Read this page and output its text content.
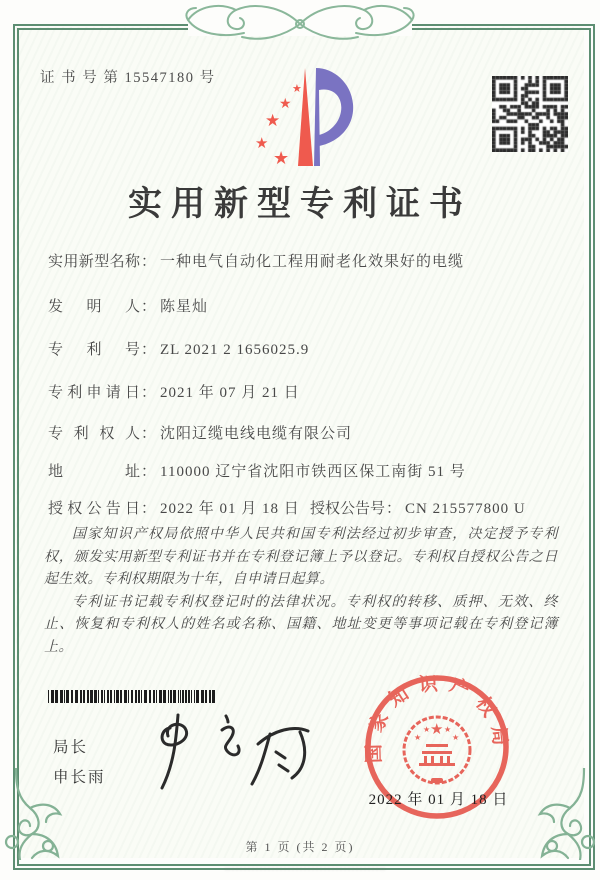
证 书 号 第 15547180 号
★
★
★
★
★
实用新型专利证书
实用新型名称： 一种电气自动化工程用耐老化效果好的电缆
发明人： 陈星灿
专利号： ZL 2021 2 1656025.9
专利申请日： 2021 年 07 月 21 日
专利权人： 沈阳辽缆电线电缆有限公司
地址： 110000 辽宁省沈阳市铁西区保工南街 51 号
授权公告日： 2022 年 01 月 18 日 授权公告号： CN 215577800 U

国家知识产权局依照中华人民共和国专利法经过初步审查，决定授予专利权，颁发实用新型专利证书并在专利登记簿上予以登记。专利权自授权公告之日起生效。专利权期限为十年，自申请日起算。

专利证书记载专利权登记时的法律状况。专利权的转移、质押、无效、终止、恢复和专利权人的姓名或名称、国籍、地址变更等事项记载在专利登记簿上。

局长
申长雨
国家知识产权局
★
★
★ ★
★
2022 年 01 月 18 日
第 1 页 (共 2 页)
